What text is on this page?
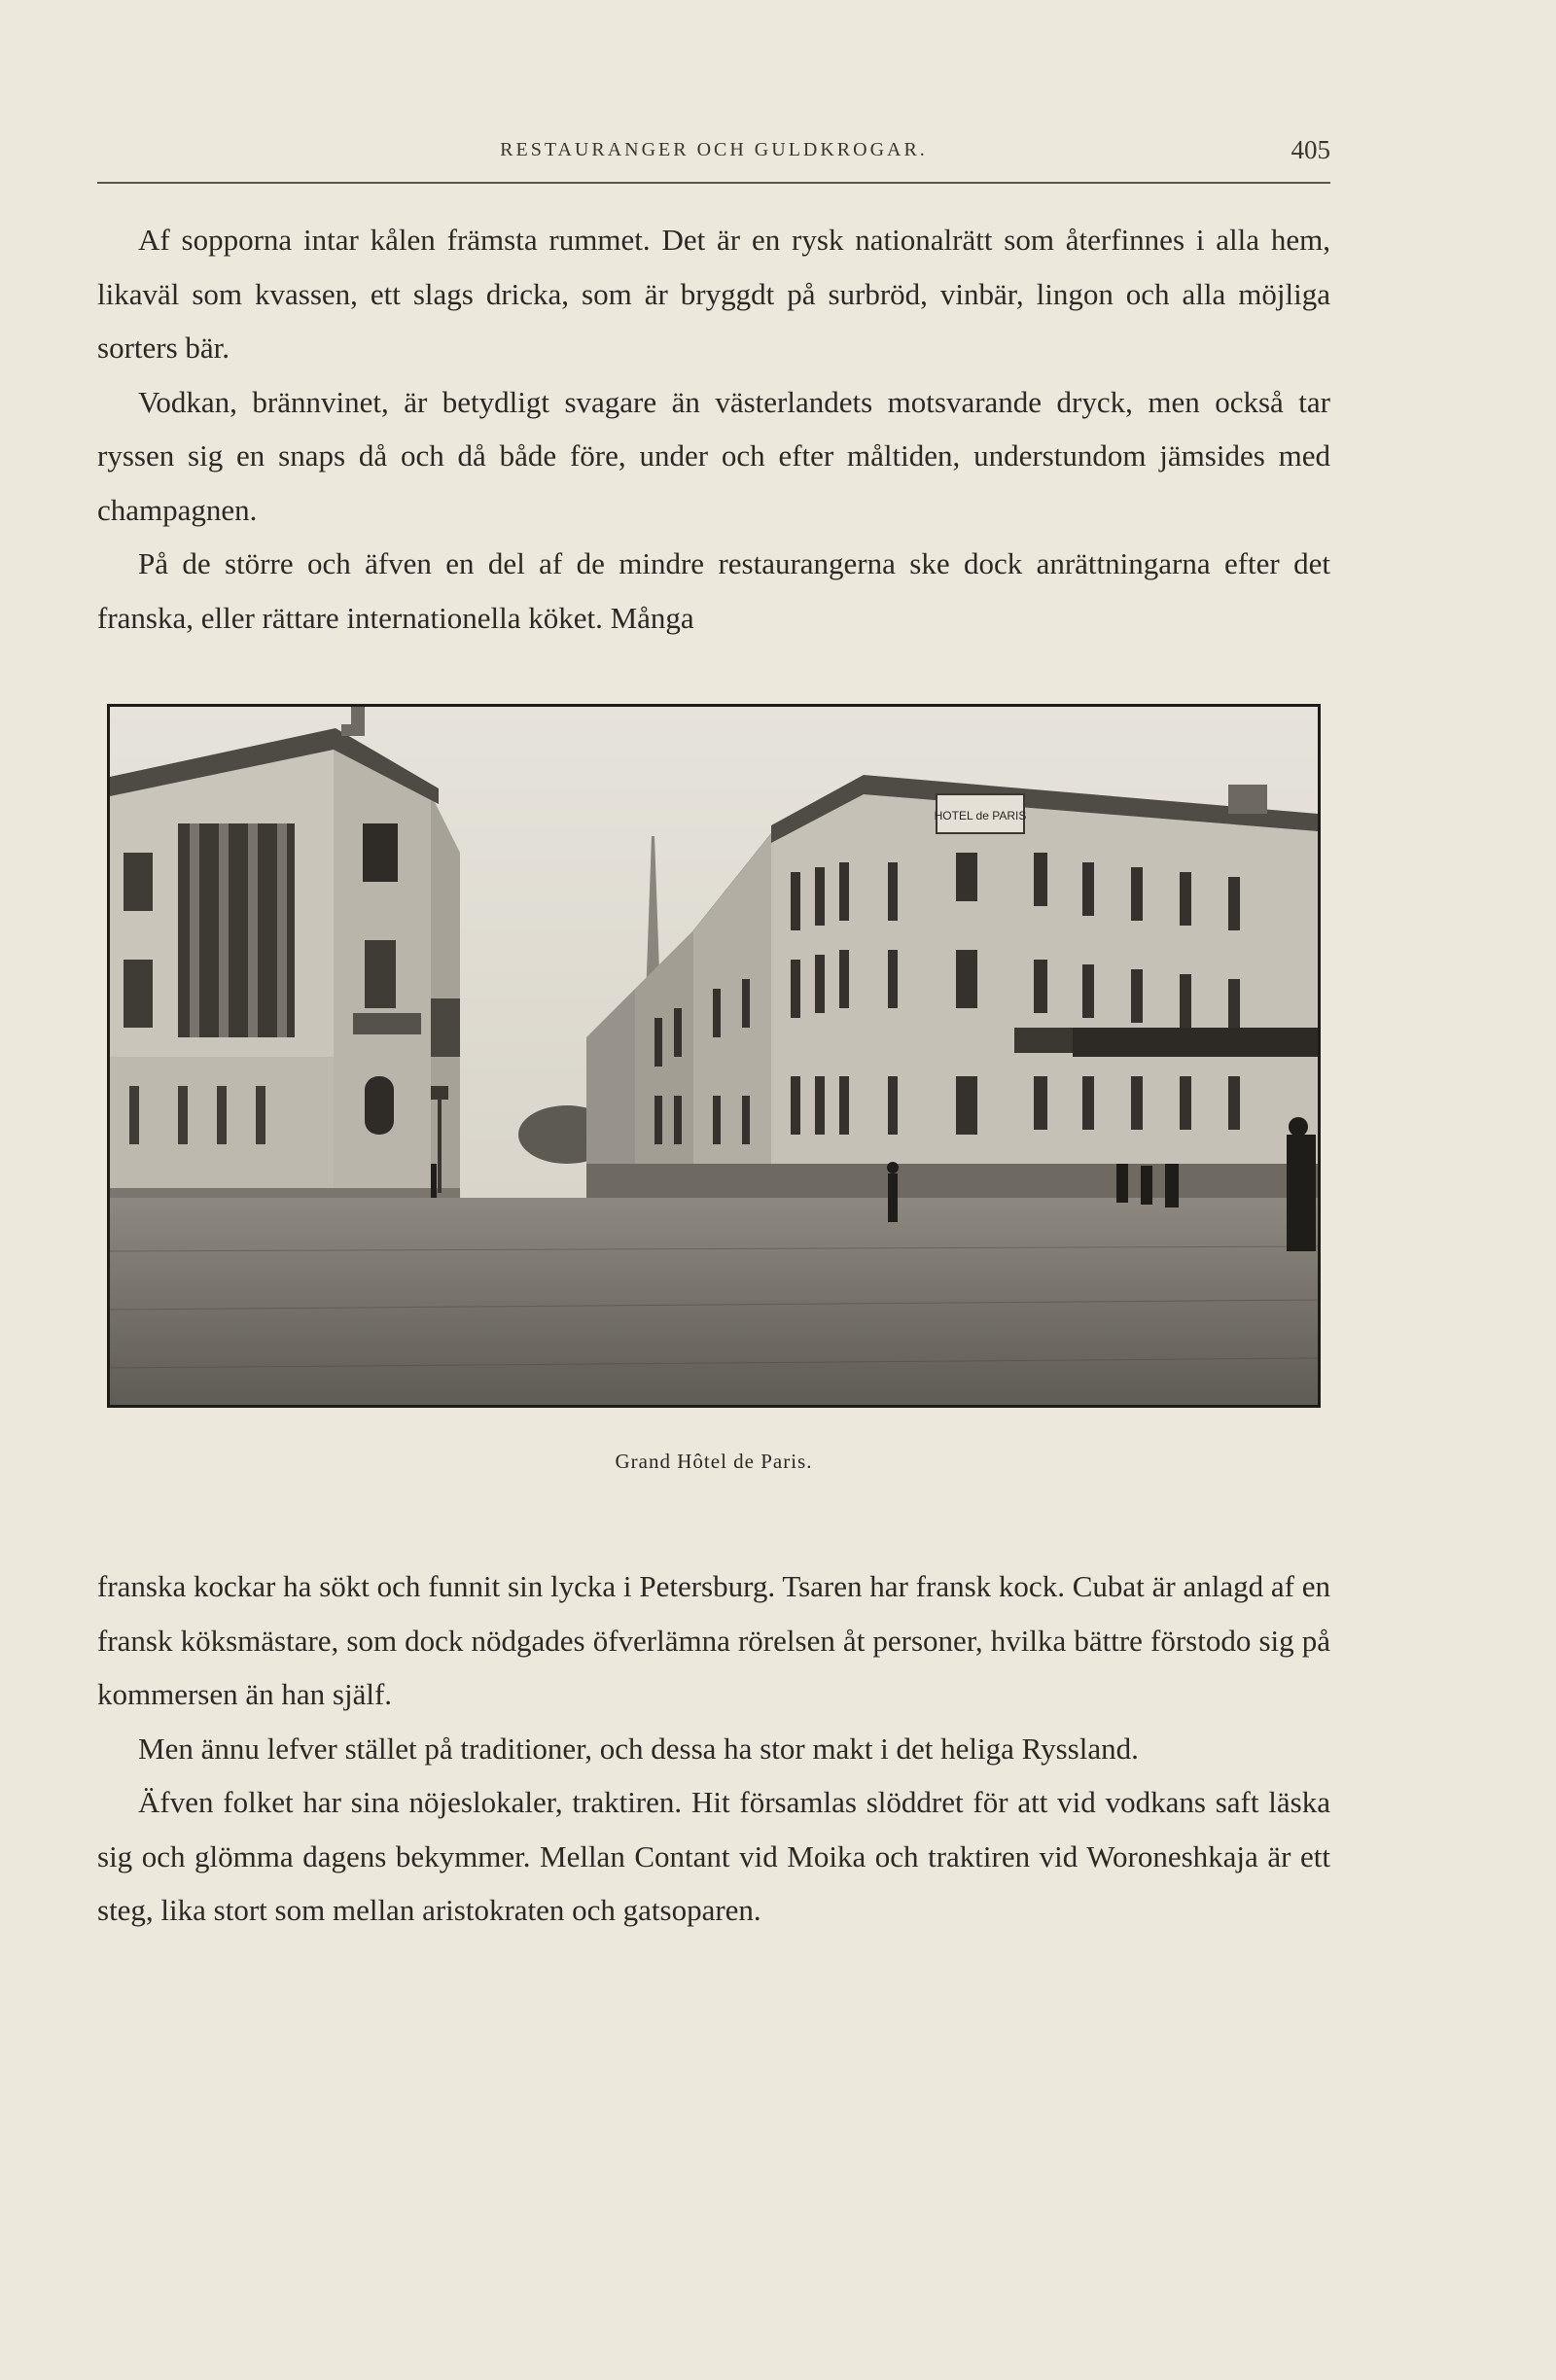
RESTAURANGER OCH GULDKROGAR.	405

Af sopporna intar kålen främsta rummet. Det är en rysk nationalrätt som återfinnes i alla hem, likaväl som kvassen, ett slags dricka, som är bryggdt på surbröd, vinbär, lingon och alla möjliga sorters bär.

Vodkan, brännvinet, är betydligt svagare än västerlandets motsvarande dryck, men också tar ryssen sig en snaps då och då både före, under och efter måltiden, understundom jämsides med champagnen.

På de större och äfven en del af de mindre restaurangerna ske dock anrättningarna efter det franska, eller rättare internationella köket. Många

HOTEL de PARIS
Grand Hôtel de Paris.

franska kockar ha sökt och funnit sin lycka i Petersburg. Tsaren har fransk kock. Cubat är anlagd af en fransk köksmästare, som dock nödgades öfverlämna rörelsen åt personer, hvilka bättre förstodo sig på kommersen än han själf.

Men ännu lefver stället på traditioner, och dessa ha stor makt i det heliga Ryssland.

Äfven folket har sina nöjeslokaler, traktiren. Hit församlas slöddret för att vid vodkans saft läska sig och glömma dagens bekymmer. Mellan Contant vid Moika och traktiren vid Woroneshkaja är ett steg, lika stort som mellan aristokraten och gatsoparen.
